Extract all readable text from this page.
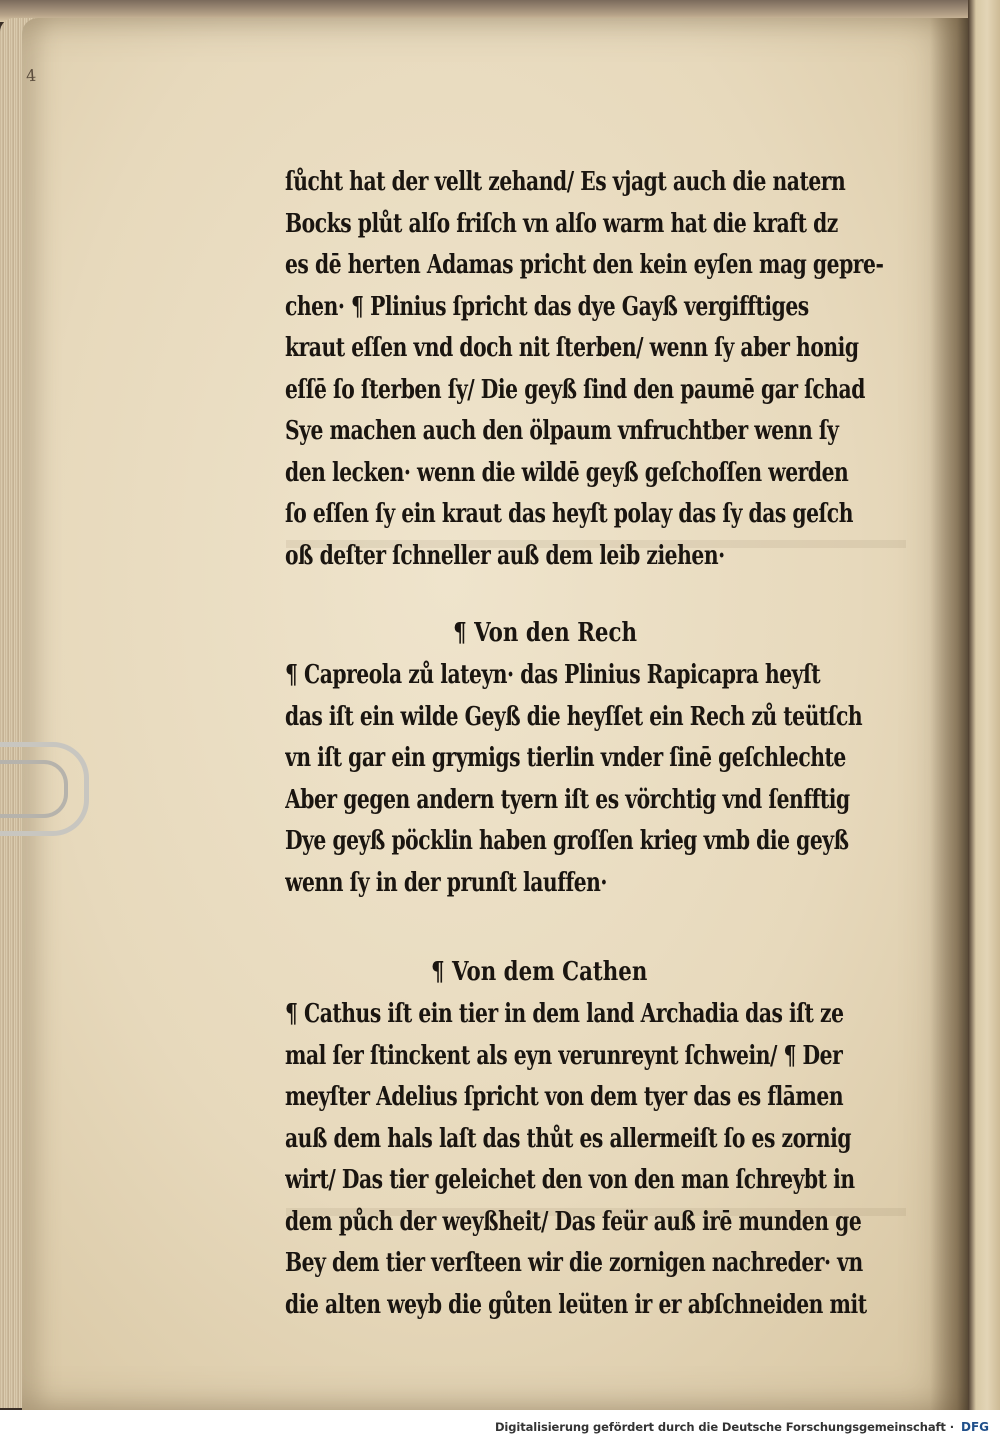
4
ſůcht hat der vellt zehand/ Es vjagt auch die natern
Bocks plůt alſo friſch vn alſo warm hat die kraft dz
es dē herten Adamas pricht den kein eyſen mag gepre-
chen· ¶ Plinius ſpricht das dye Gayß vergifftiges
kraut eſſen vnd doch nit ſterben/ wenn ſy aber honig
eſſē ſo ſterben ſy/ Die geyß ſind den paumē gar ſchad
Sye machen auch den ölpaum vnfruchtber wenn ſy
den lecken· wenn die wildē geyß geſchoſſen werden
ſo eſſen ſy ein kraut das heyſt polay das ſy das geſch
oß deſter ſchneller auß dem leib ziehen·
¶ Von den Rech
¶ Capreola zů lateyn· das Plinius Rapicapra heyſt
das iſt ein wilde Geyß die heyſſet ein Rech zů teütſch
vn iſt gar ein grymigs tierlin vnder ſinē geſchlechte
Aber gegen andern tyern iſt es vörchtig vnd ſenfftig
Dye geyß pöcklin haben groſſen krieg vmb die geyß
wenn ſy in der prunſt lauffen·
¶ Von dem Cathen
¶ Cathus iſt ein tier in dem land Archadia das iſt ze
mal ſer ſtinckent als eyn verunreynt ſchwein/ ¶ Der
meyſter Adelius ſpricht von dem tyer das es flāmen
auß dem hals laſt das thůt es allermeiſt ſo es zornig
wirt/ Das tier geleichet den von den man ſchreybt in
dem půch der weyßheit/ Das feür auß irē munden ge
Bey dem tier verſteen wir die zornigen nachreder· vn
die alten weyb die gůten leüten ir er abſchneiden mit
Digitalisierung gefördert durch die Deutsche Forschungsgemeinschaft · DFG
